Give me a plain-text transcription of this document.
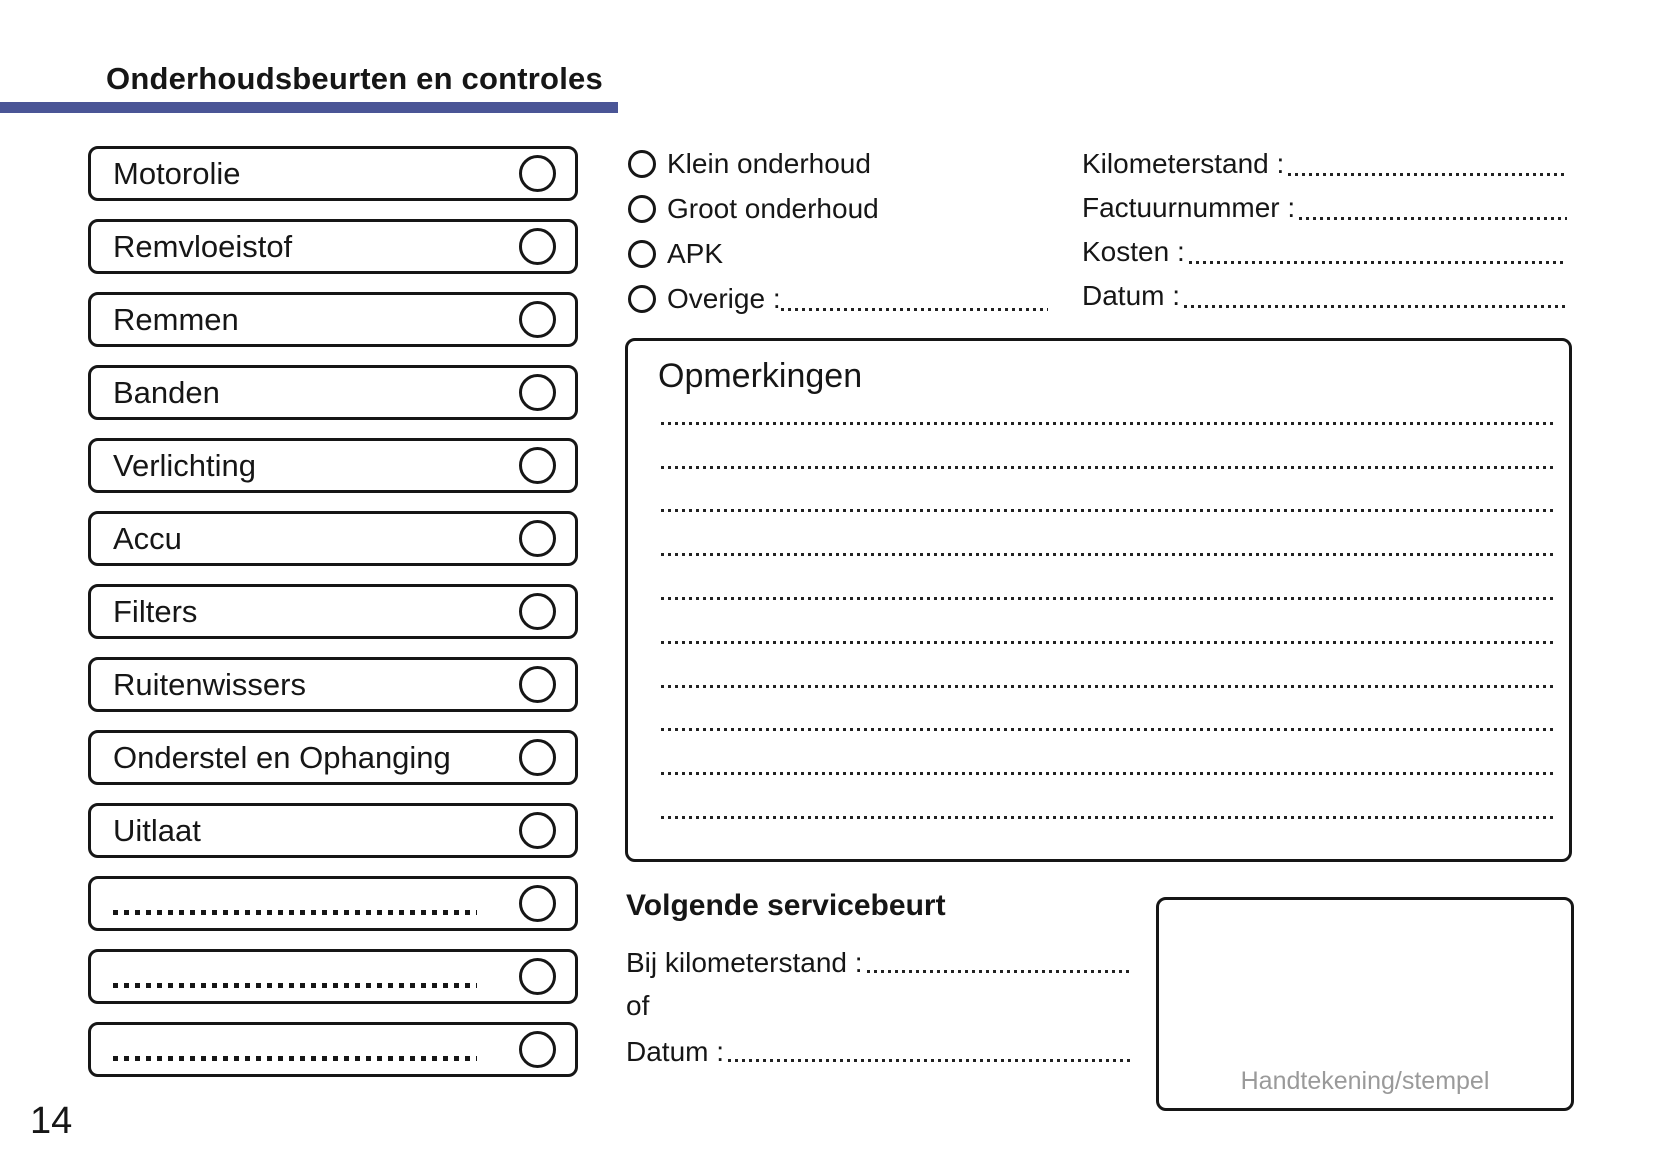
Onderhoudsbeurten en controles
Motorolie
Remvloeistof
Remmen
Banden
Verlichting
Accu
Filters
Ruitenwissers
Onderstel en Ophanging
Uitlaat
Klein onderhoud
Groot onderhoud
APK
Overige :
Kilometerstand :
Factuurnummer :
Kosten :
Datum :
Opmerkingen
Volgende servicebeurt
Bij kilometerstand :
of
Datum :
Handtekening/stempel
14
